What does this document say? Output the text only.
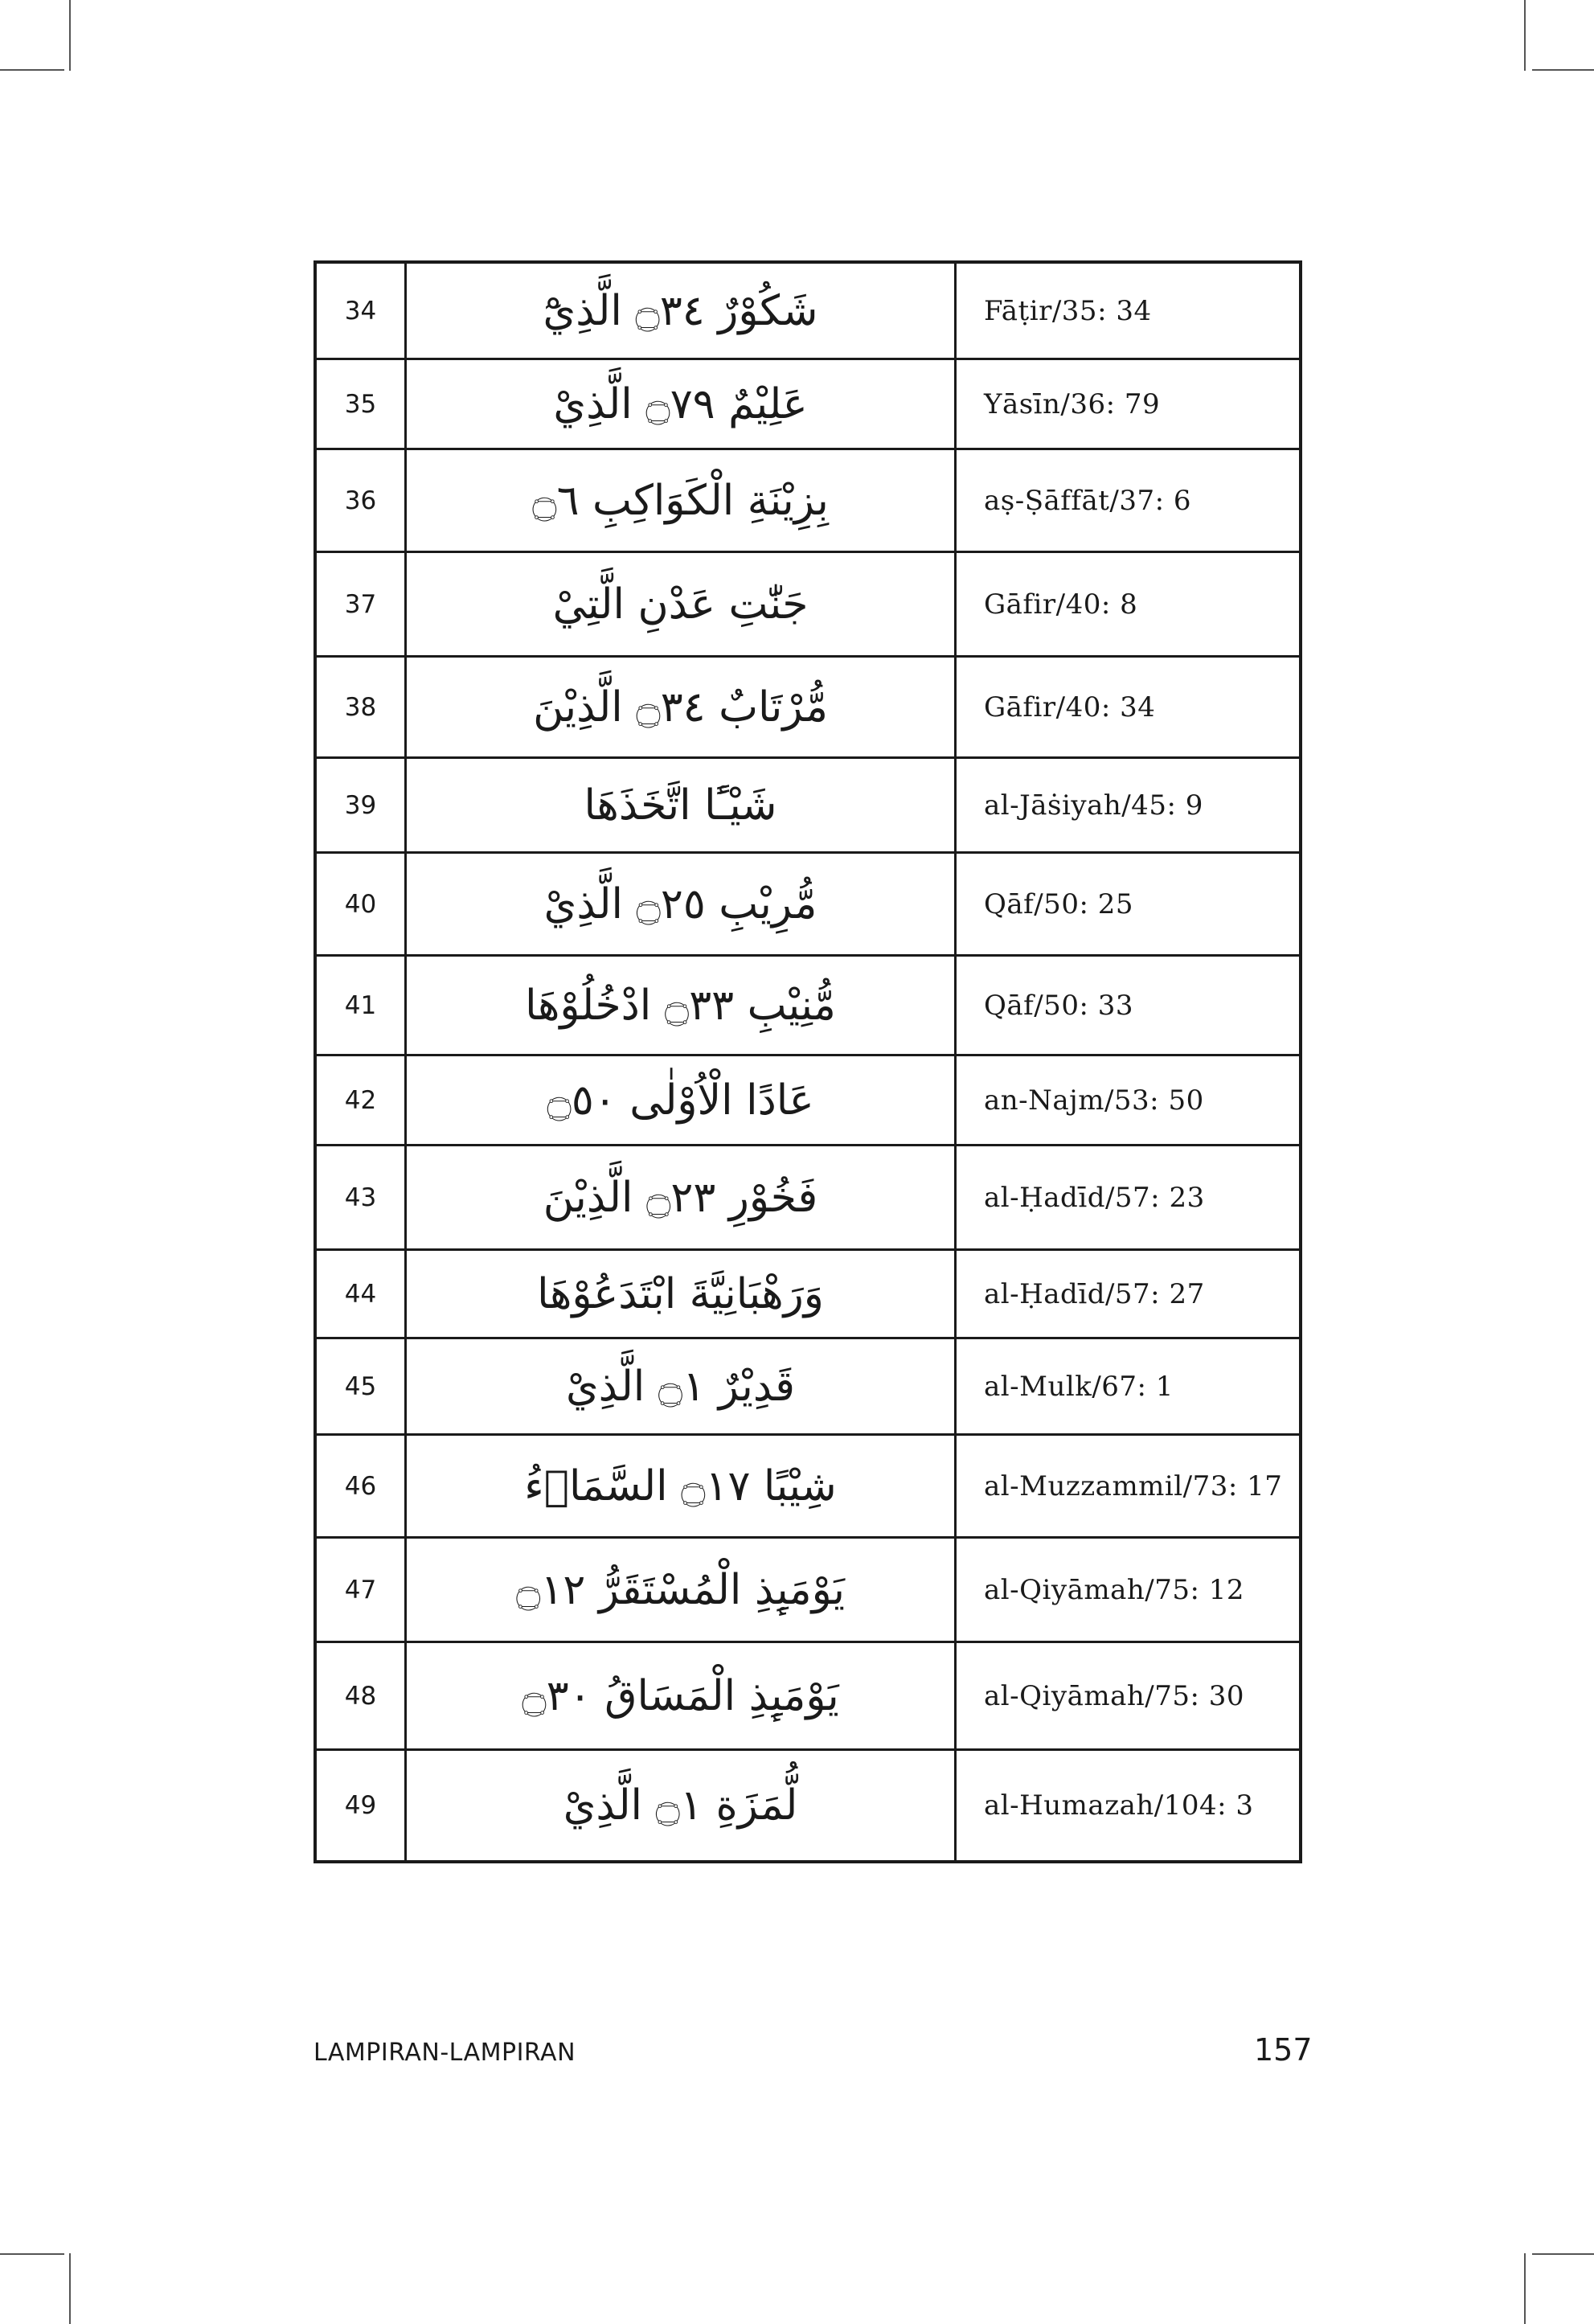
34	شَكُوْرٌ ۝٣٤ الَّذِيْٓ	Fāṭir/35: 34
35	عَلِيْمٌ ۝٧٩ الَّذِيْ	Yāsīn/36: 79
36	بِزِيْنَةِ الْكَوَاكِبِ ۝٦	aṣ-Ṣāffāt/37: 6
37	جَنّٰتِ عَدْنِ الَّتِيْ	Gāfir/40: 8
38	مُّرْتَابٌ ۝٣٤ الَّذِيْنَ	Gāfir/40: 34
39	شَيْـًٔا اتَّخَذَهَا	al-Jāṡiyah/45: 9
40	مُّرِيْبِ ۝٢٥ الَّذِيْ	Qāf/50: 25
41	مُّنِيْبِ ۝٣٣ ادْخُلُوْهَا	Qāf/50: 33
42	عَادًا الْاُوْلٰى ۝٥٠	an-Najm/53: 50
43	فَخُوْرِ ۝٢٣ الَّذِيْنَ	al-Ḥadīd/57: 23
44	وَرَهْبَانِيَّةَ ابْتَدَعُوْهَا	al-Ḥadīd/57: 27
45	قَدِيْرٌ ۝١ الَّذِيْ	al-Mulk/67: 1
46	شِيْبًا ۝١٧ السَّمَاۤءُ	al-Muzzammil/73: 17
47	يَوْمَىِٕذِ الْمُسْتَقَرُّ ۝١٢	al-Qiyāmah/75: 12
48	يَوْمَىِٕذِ الْمَسَاقُ ۝٣٠	al-Qiyāmah/75: 30
49	لُّمَزَةِ ۝١ الَّذِيْ	al-Humazah/104: 3
LAMPIRAN-LAMPIRAN	157
